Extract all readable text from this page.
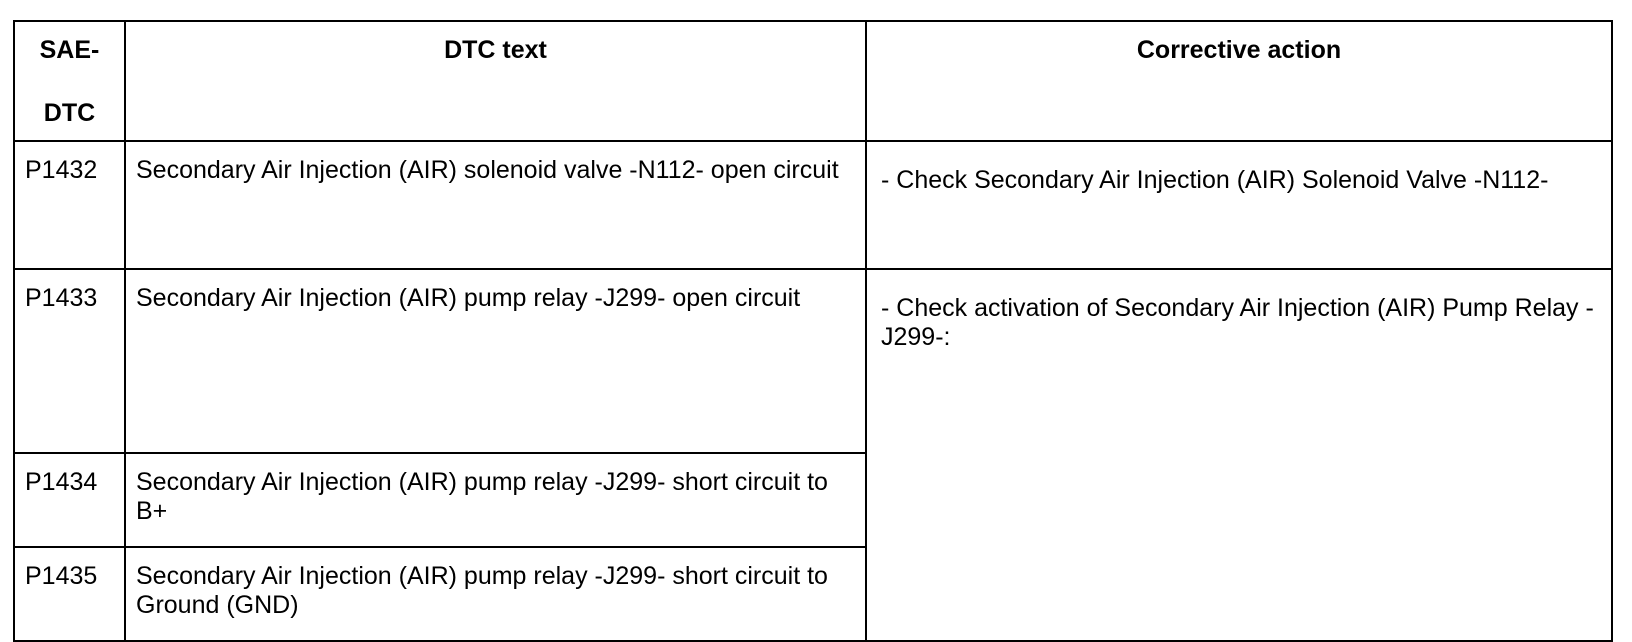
SAE-
DTC	DTC text	Corrective action
P1432	Secondary Air Injection (AIR) solenoid valve -N112- open circuit	- Check Secondary Air Injection (AIR) Solenoid Valve -N112-
P1433	Secondary Air Injection (AIR) pump relay -J299- open circuit	- Check activation of Secondary Air Injection (AIR) Pump Relay -J299-:
P1434	Secondary Air Injection (AIR) pump relay -J299- short circuit to B+	
P1435	Secondary Air Injection (AIR) pump relay -J299- short circuit to Ground (GND)	
